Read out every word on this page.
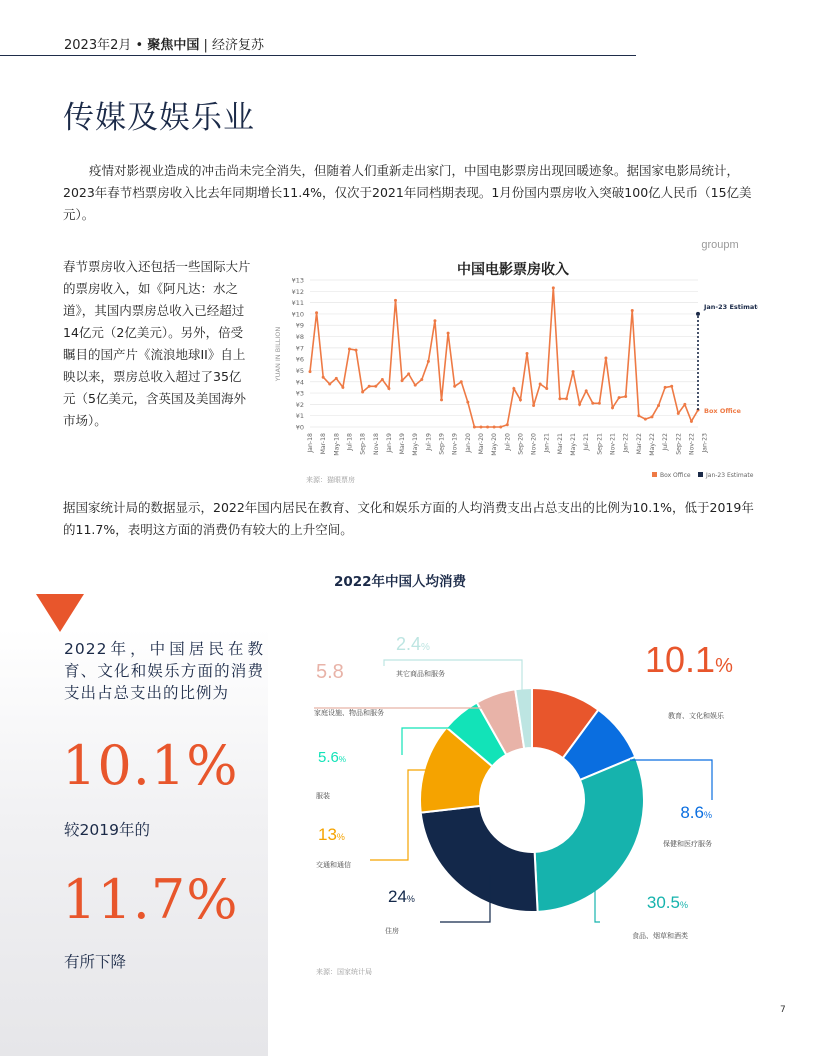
2023年2月 • 聚焦中国 | 经济复苏
传媒及娱乐业
疫情对影视业造成的冲击尚未完全消失，但随着人们重新走出家门，中国电影票房出现回暖迹象。据国家电影局统计，2023年春节档票房收入比去年同期增长11.4%，仅次于2021年同档期表现。1月份国内票房收入突破100亿人民币（15亿美元）。
春节票房收入还包括一些国际大片的票房收入，如《阿凡达：水之道》，其国内票房总收入已经超过14亿元（2亿美元）。另外，倍受瞩目的国产片《流浪地球II》自上映以来，票房总收入超过了35亿元（5亿美元，含英国及美国海外市场）。
groupm
中国电影票房收入
¥0
¥1
¥2
¥3
¥4
¥5
¥6
¥7
¥8
¥9
¥10
¥11
¥12
¥13
YUAN IN BILLION
Jan-18 Mar-18 May-18 Jul-18 Sep-18 Nov-18 Jan-19 Mar-19 May-19 Jul-19 Sep-19 Nov-19 Jan-20 Mar-20 May-20 Jul-20 Sep-20 Nov-20 Jan-21 Mar-21 May-21 Jul-21 Sep-21 Nov-21 Jan-22 Mar-22 May-22 Jul-22 Sep-22 Nov-22 Jan-23
Jan-23 Estimate
Box Office
Box Office	Jan-23 Estimate
来源：猫眼票房
据国家统计局的数据显示，2022年国内居民在教育、文化和娱乐方面的人均消费支出占总支出的比例为10.1%，低于2019年的11.7%，表明这方面的消费仍有较大的上升空间。
2022年，中国居民在教育、文化和娱乐方面的消费支出占总支出的比例为
10.1%
较2019年的
11.7%
有所下降
2022年中国人均消费
10.1%
教育、文化和娱乐
8.6%
保健和医疗服务
30.5%
食品、烟草和酒类
24%
住房
13%
交通和通信
5.6%
服装
5.8
家庭设施、物品和服务
2.4%
其它商品和服务
来源：国家统计局
7
